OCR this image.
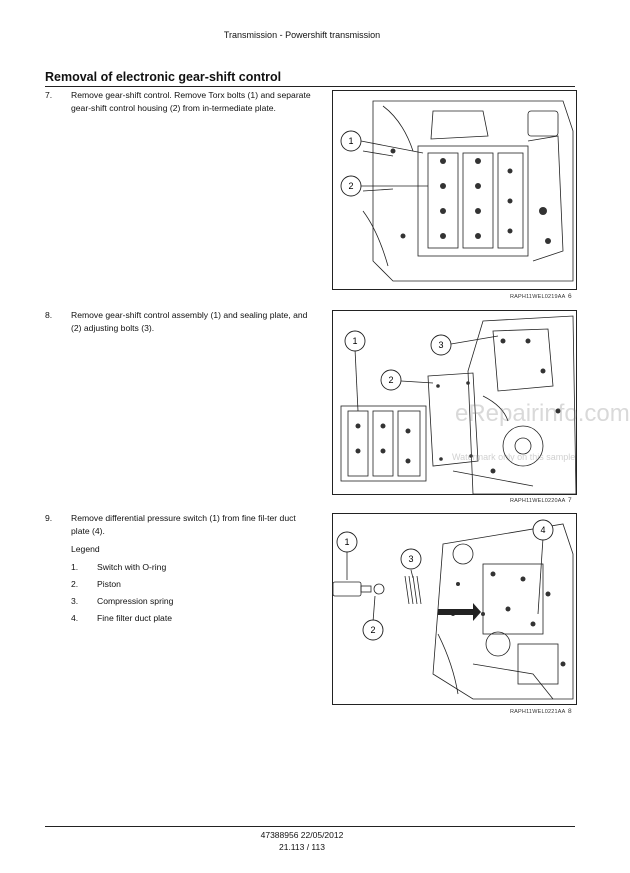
Transmission - Powershift transmission
Removal of electronic gear-shift control
7. Remove gear-shift control. Remove Torx bolts (1) and separate gear-shift control housing (2) from in-termediate plate.
1
2
RAPH11WEL0219AA 6
8. Remove gear-shift control assembly (1) and sealing plate, and (2) adjusting bolts (3).
1
2
3
RAPH11WEL0220AA 7
9. Remove differential pressure switch (1) from fine fil-ter duct plate (4).
Legend
1. Switch with O-ring
2. Piston
3. Compression spring
4. Fine filter duct plate
1
2
3
4
RAPH11WEL0221AA 8
eRepairinfo.com
Watermark only on this sample
47388956 22/05/2012
21.113 / 113
